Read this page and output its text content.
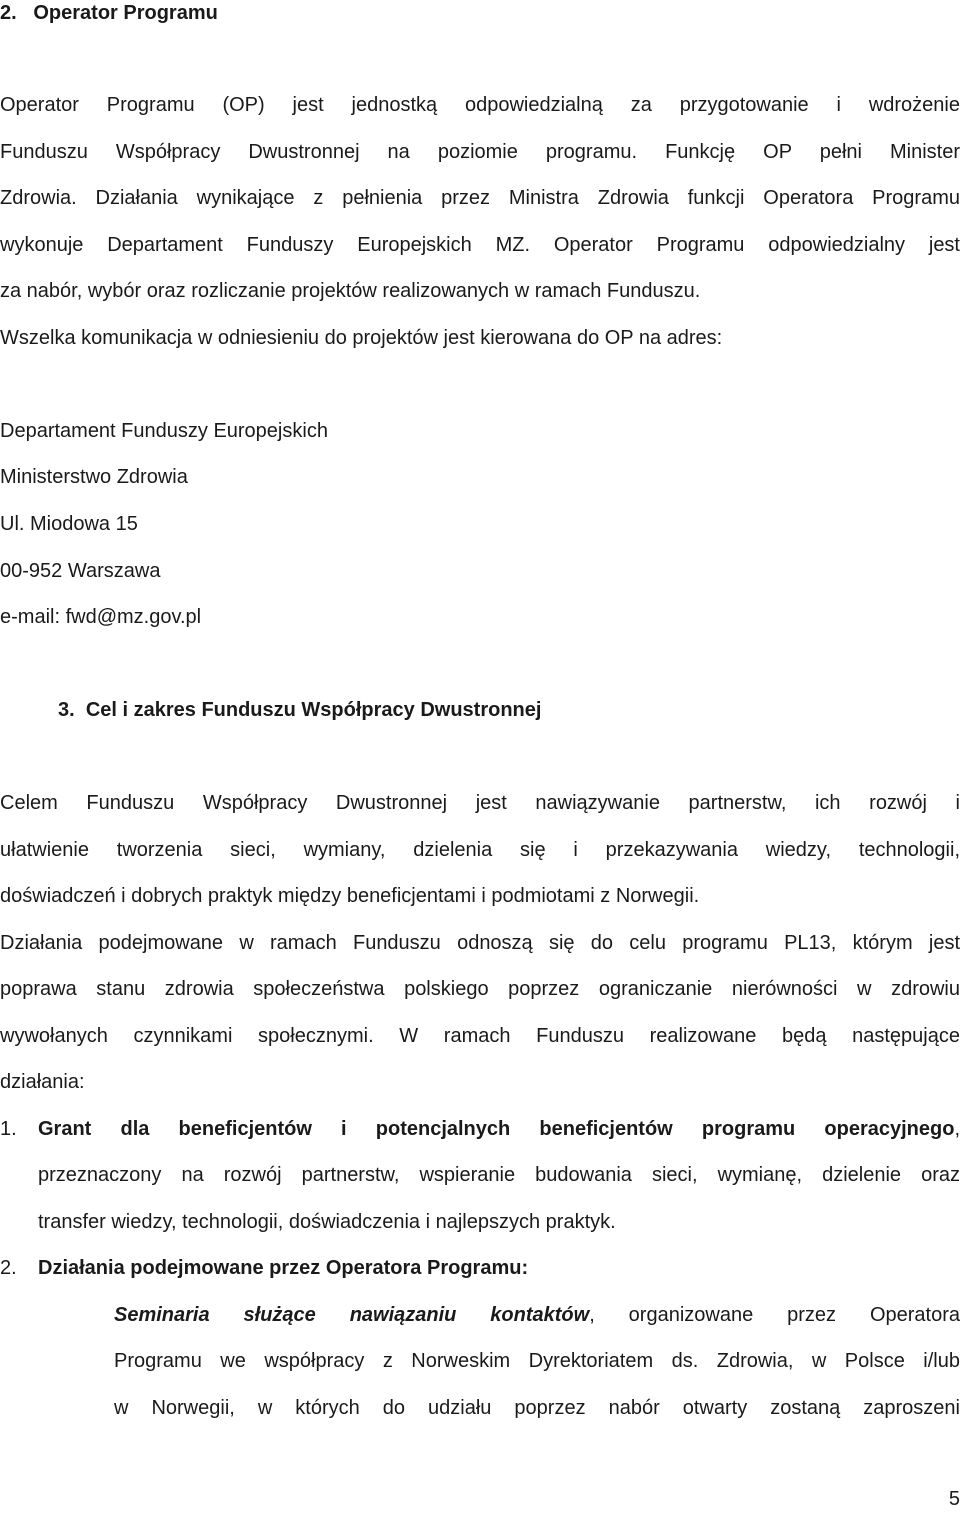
2. Operator Programu

Operator Programu (OP) jest jednostką odpowiedzialną za przygotowanie i wdrożenie

Funduszu Współpracy Dwustronnej na poziomie programu. Funkcję OP pełni Minister

Zdrowia. Działania wynikające z pełnienia przez Ministra Zdrowia funkcji Operatora Programu

wykonuje Departament Funduszy Europejskich MZ. Operator Programu odpowiedzialny jest

za nabór, wybór oraz rozliczanie projektów realizowanych w ramach Funduszu.

Wszelka komunikacja w odniesieniu do projektów jest kierowana do OP na adres:

Departament Funduszy Europejskich

Ministerstwo Zdrowia

Ul. Miodowa 15

00-952 Warszawa

e-mail: fwd@mz.gov.pl

3. Cel i zakres Funduszu Współpracy Dwustronnej

Celem Funduszu Współpracy Dwustronnej jest nawiązywanie partnerstw, ich rozwój i

ułatwienie tworzenia sieci, wymiany, dzielenia się i przekazywania wiedzy, technologii,

doświadczeń i dobrych praktyk między beneficjentami i podmiotami z Norwegii.

Działania podejmowane w ramach Funduszu odnoszą się do celu programu PL13, którym jest

poprawa stanu zdrowia społeczeństwa polskiego poprzez ograniczanie nierówności w zdrowiu

wywołanych czynnikami społecznymi. W ramach Funduszu realizowane będą następujące

działania:

1.	Grant dla beneficjentów i potencjalnych beneficjentów programu operacyjnego,

przeznaczony na rozwój partnerstw, wspieranie budowania sieci, wymianę, dzielenie oraz

transfer wiedzy, technologii, doświadczenia i najlepszych praktyk.

2.	Działania podejmowane przez Operatora Programu:

Seminaria służące nawiązaniu kontaktów, organizowane przez Operatora

Programu we współpracy z Norweskim Dyrektoriatem ds. Zdrowia, w Polsce i/lub

w Norwegii, w których do udziału poprzez nabór otwarty zostaną zaproszeni

5
